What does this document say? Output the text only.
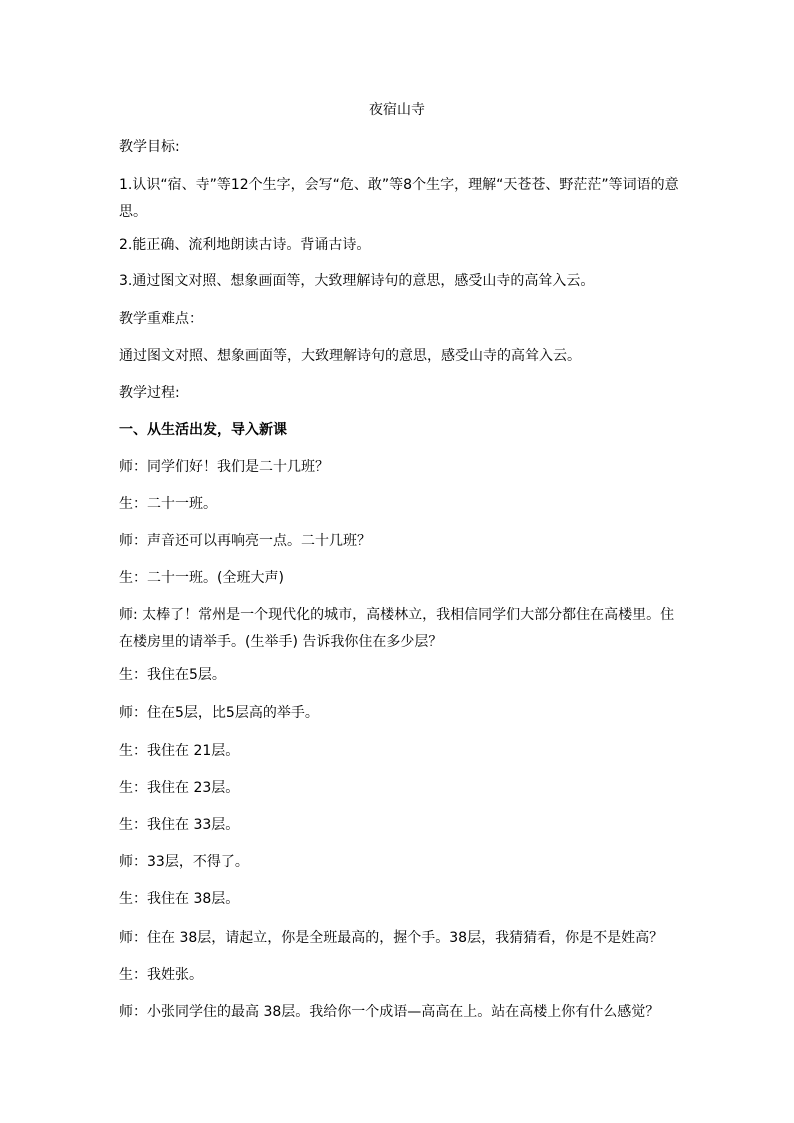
夜宿山寺

教学目标:

1.认识“宿、寺”等12个生字，会写“危、敢”等8个生字，理解“天苍苍、野茫茫”等词语的意思。

2.能正确、流利地朗读古诗。背诵古诗。

3.通过图文对照、想象画面等，大致理解诗句的意思，感受山寺的高耸入云。

教学重难点：

通过图文对照、想象画面等，大致理解诗句的意思，感受山寺的高耸入云。

教学过程:

一、从生活出发，导入新课

师：同学们好！我们是二十几班？

生：二十一班。

师：声音还可以再响亮一点。二十几班？

生：二十一班。(全班大声)

师: 太棒了！常州是一个现代化的城市，高楼林立，我相信同学们大部分都住在高楼里。住在楼房里的请举手。(生举手) 告诉我你住在多少层？

生：我住在5层。

师：住在5层，比5层高的举手。

生：我住在 21层。

生：我住在 23层。

生：我住在 33层。

师：33层，不得了。

生：我住在 38层。

师：住在 38层，请起立，你是全班最高的，握个手。38层，我猜猜看，你是不是姓高？

生：我姓张。

师：小张同学住的最高 38层。我给你一个成语—高高在上。站在高楼上你有什么感觉？
